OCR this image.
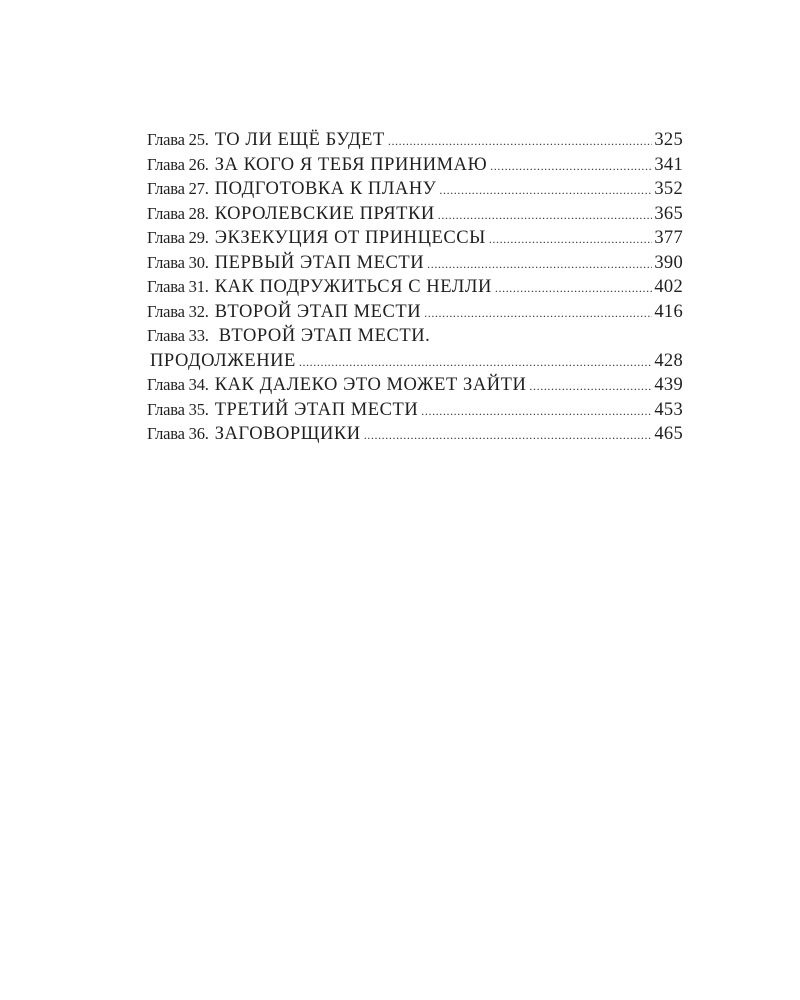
Глава 25. ТО ЛИ ЕЩЁ БУДЕТ .....	325
Глава 26. ЗА КОГО Я ТЕБЯ ПРИНИМАЮ .....	341
Глава 27. ПОДГОТОВКА К ПЛАНУ .....	352
Глава 28. КОРОЛЕВСКИЕ ПРЯТКИ .....	365
Глава 29. ЭКЗЕКУЦИЯ ОТ ПРИНЦЕССЫ .....	377
Глава 30. ПЕРВЫЙ ЭТАП МЕСТИ .....	390
Глава 31. КАК ПОДРУЖИТЬСЯ С НЕЛЛИ .....	402
Глава 32. ВТОРОЙ ЭТАП МЕСТИ .....	416
Глава 33. ВТОРОЙ ЭТАП МЕСТИ.
ПРОДОЛЖЕНИЕ .....	428
Глава 34. КАК ДАЛЕКО ЭТО МОЖЕТ ЗАЙТИ .....	439
Глава 35. ТРЕТИЙ ЭТАП МЕСТИ .....	453
Глава 36. ЗАГОВОРЩИКИ .....	465
